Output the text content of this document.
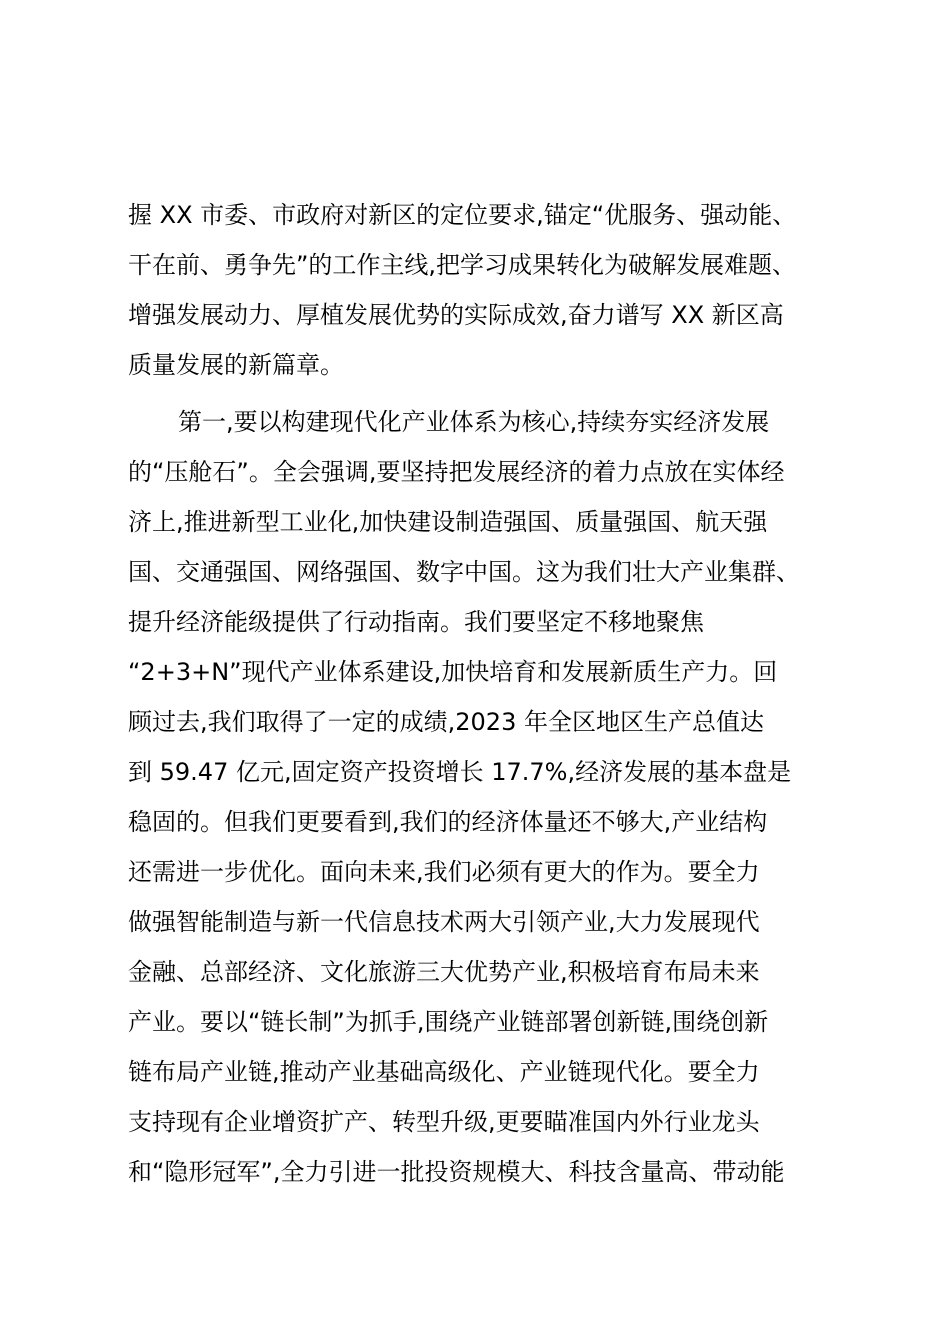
握 XX 市委、市政府对新区的定位要求,锚定“优服务、强动能、
干在前、勇争先”的工作主线,把学习成果转化为破解发展难题、
增强发展动力、厚植发展优势的实际成效,奋力谱写 XX 新区高
质量发展的新篇章。
第一,要以构建现代化产业体系为核心,持续夯实经济发展
的“压舱石”。全会强调,要坚持把发展经济的着力点放在实体经
济上,推进新型工业化,加快建设制造强国、质量强国、航天强
国、交通强国、网络强国、数字中国。这为我们壮大产业集群、
提升经济能级提供了行动指南。我们要坚定不移地聚焦
“2+3+N”现代产业体系建设,加快培育和发展新质生产力。回
顾过去,我们取得了一定的成绩,2023 年全区地区生产总值达
到 59.47 亿元,固定资产投资增长 17.7%,经济发展的基本盘是
稳固的。但我们更要看到,我们的经济体量还不够大,产业结构
还需进一步优化。面向未来,我们必须有更大的作为。要全力
做强智能制造与新一代信息技术两大引领产业,大力发展现代
金融、总部经济、文化旅游三大优势产业,积极培育布局未来
产业。要以“链长制”为抓手,围绕产业链部署创新链,围绕创新
链布局产业链,推动产业基础高级化、产业链现代化。要全力
支持现有企业增资扩产、转型升级,更要瞄准国内外行业龙头
和“隐形冠军”,全力引进一批投资规模大、科技含量高、带动能
